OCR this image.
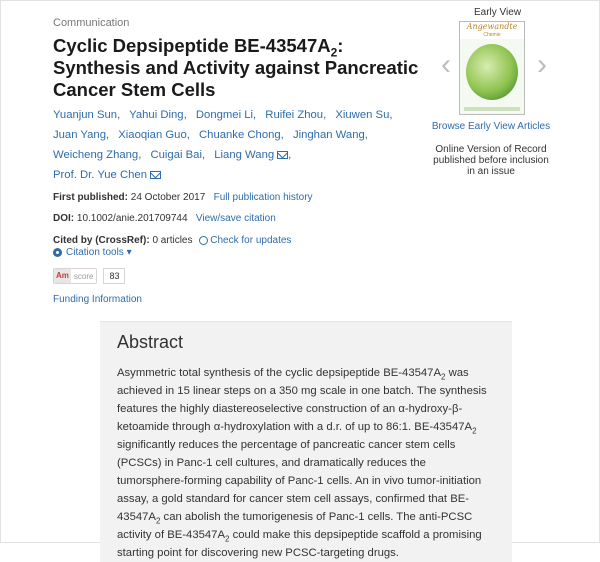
Communication
Cyclic Depsipeptide $BE-43547A_2$: Synthesis and Activity against Pancreatic Cancer Stem Cells
Yuanjun Sun, Yahui Ding, Dongmei Li, Ruifei Zhou, Xiuwen Su,
Juan Yang, Xiaoqian Guo, Chuanke Chong, Jinghan Wang,
Weicheng Zhang, Cuigai Bai, Liang Wang ,
Prof. Dr. Yue Chen
First published: 24 October 2017 Full publication history
DOI: 10.1002/anie.201709744 View/save citation
Cited by (CrossRef): 0 articles Check for updates
Citation tools ▾
Am score	83
Funding Information
Early View
‹
Angewandte
Chemie
›
Browse Early View Articles
Online Version of Record published before inclusion in an issue
Abstract

Asymmetric total synthesis of the cyclic depsipeptide $BE-43547A_2$ was achieved in 15 linear steps on a 350 mg scale in one batch. The synthesis features the highly diastereoselective construction of an α-hydroxy-β-ketoamide through α-hydroxylation with a d.r. of up to 86:1. $BE-43547A_2$ significantly reduces the percentage of pancreatic cancer stem cells (PCSCs) in Panc-1 cell cultures, and dramatically reduces the tumorsphere-forming capability of Panc-1 cells. An in vivo tumor-initiation assay, a gold standard for cancer stem cell assays, confirmed that $BE-43547A_2$ can abolish the tumorigenesis of Panc-1 cells. The anti-PCSC activity of $BE-43547A_2$ could make this depsipeptide scaffold a promising starting point for discovering new PCSC-targeting drugs.
